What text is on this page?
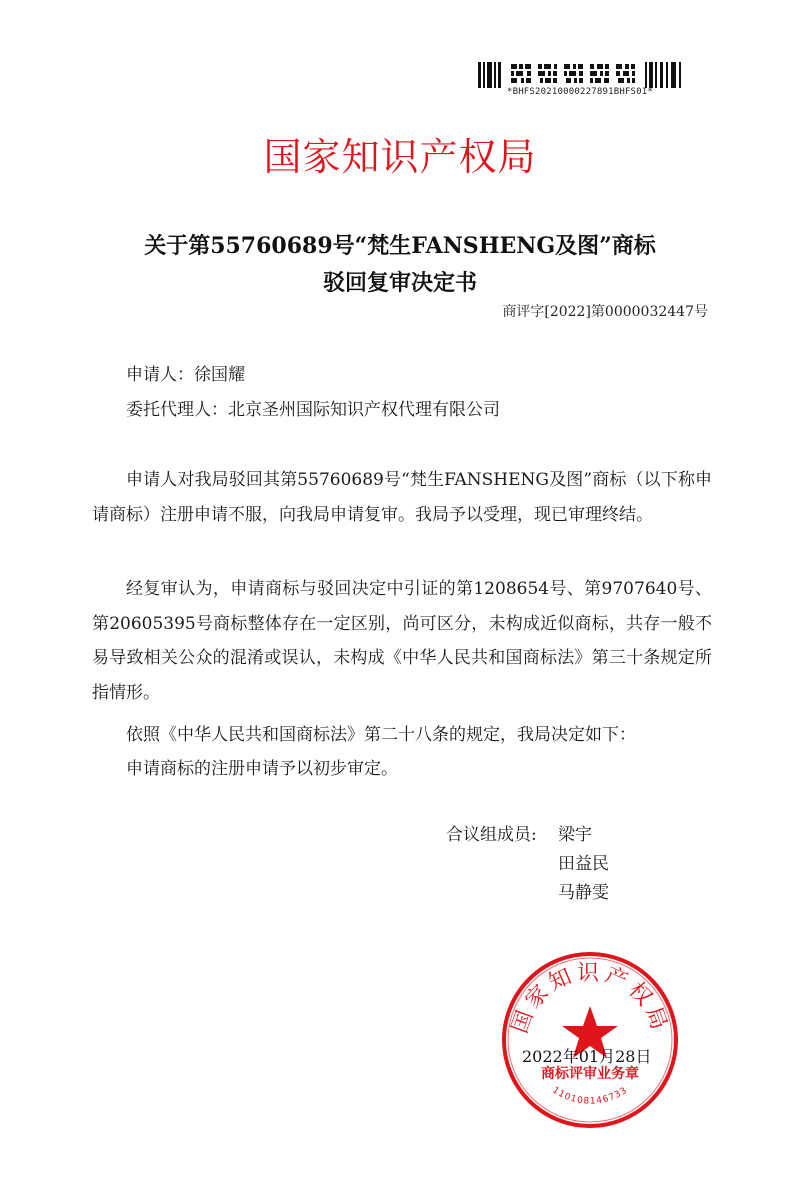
*BHFS20210000227891BHFS01*
国家知识产权局
关于第55760689号“梵生FANSHENG及图”商标
驳回复审决定书
商评字[2022]第0000032447号
申请人：徐国耀
委托代理人：北京圣州国际知识产权代理有限公司
申请人对我局驳回其第55760689号“梵生FANSHENG及图”商标（以下称申请商标）注册申请不服，向我局申请复审。我局予以受理，现已审理终结。
经复审认为，申请商标与驳回决定中引证的第1208654号、第9707640号、第20605395号商标整体存在一定区别，尚可区分，未构成近似商标，共存一般不易导致相关公众的混淆或误认，未构成《中华人民共和国商标法》第三十条规定所指情形。
依照《中华人民共和国商标法》第二十八条的规定，我局决定如下：
申请商标的注册申请予以初步审定。
合议组成员: 梁宇
田益民
马静雯
国家知识产权局
商标评审业务章
110108146733
2022年01月28日
